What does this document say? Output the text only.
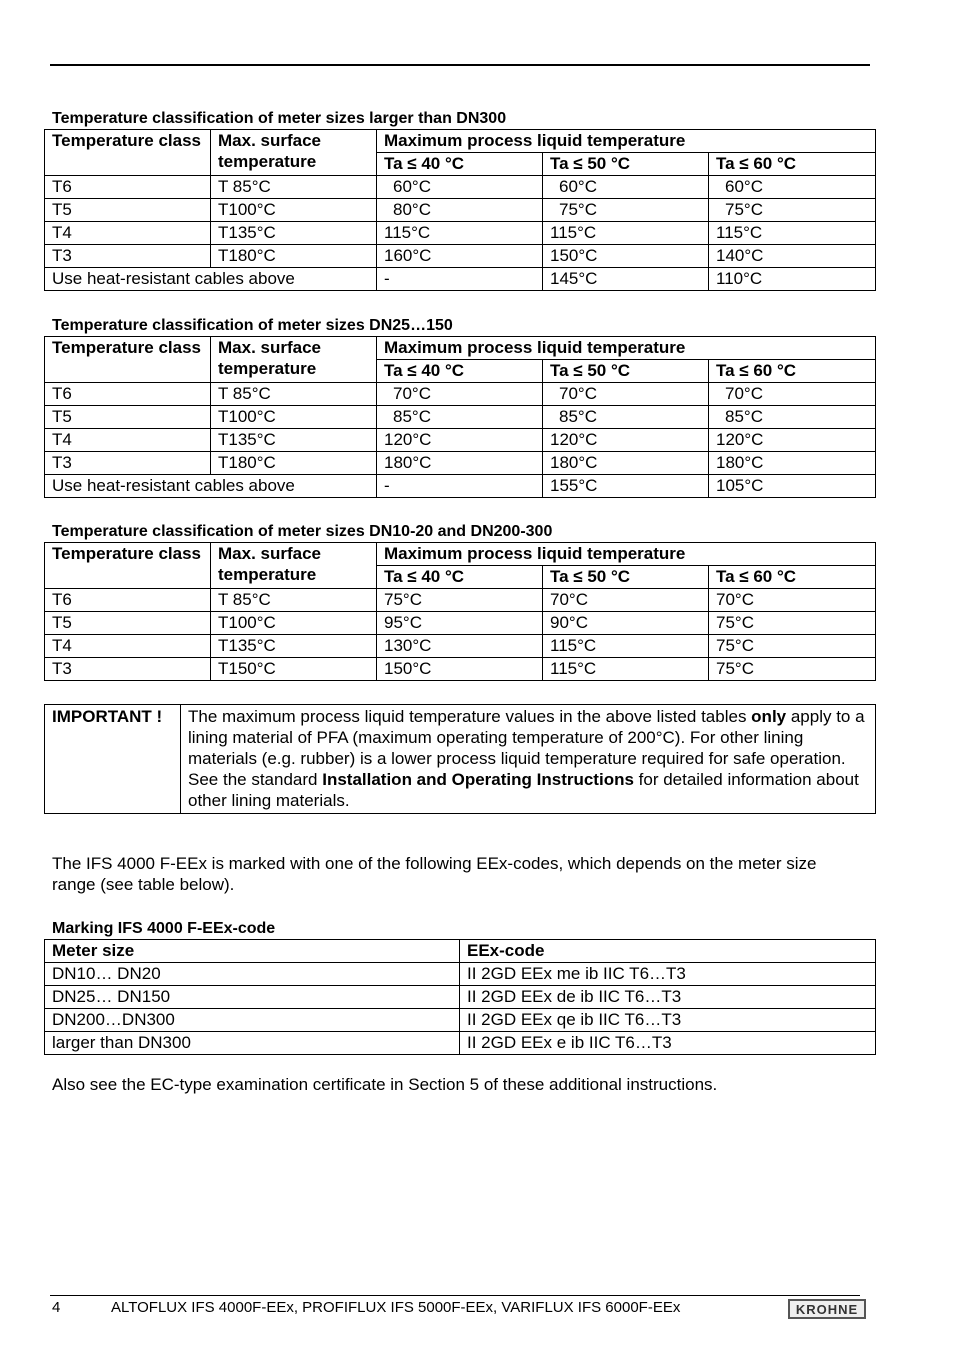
Temperature classification of meter sizes larger than DN300
Temperature class	Max. surface temperature	Maximum process liquid temperature		
		Ta ≤ 40 °C	Ta ≤ 50 °C	Ta ≤ 60 °C
T6	T 85°C	60°C	60°C	60°C
T5	T100°C	80°C	75°C	75°C
T4	T135°C	115°C	115°C	115°C
T3	T180°C	160°C	150°C	140°C
Use heat-resistant cables above		-	145°C	110°C
Temperature classification of meter sizes DN25…150
Temperature class	Max. surface temperature	Maximum process liquid temperature		
		Ta ≤ 40 °C	Ta ≤ 50 °C	Ta ≤ 60 °C
T6	T 85°C	70°C	70°C	70°C
T5	T100°C	85°C	85°C	85°C
T4	T135°C	120°C	120°C	120°C
T3	T180°C	180°C	180°C	180°C
Use heat-resistant cables above		-	155°C	105°C
Temperature classification of meter sizes DN10-20 and DN200-300
Temperature class	Max. surface temperature	Maximum process liquid temperature		
		Ta ≤ 40 °C	Ta ≤ 50 °C	Ta ≤ 60 °C
T6	T 85°C	75°C	70°C	70°C
T5	T100°C	95°C	90°C	75°C
T4	T135°C	130°C	115°C	75°C
T3	T150°C	150°C	115°C	75°C
IMPORTANT !	The maximum process liquid temperature values in the above listed tables only apply to a lining material of PFA (maximum operating temperature of 200°C). For other lining materials (e.g. rubber) is a lower process liquid temperature required for safe operation. See the standard Installation and Operating Instructions for detailed information about other lining materials.
The IFS 4000 F-EEx is marked with one of the following EEx-codes, which depends on the meter size range (see table below).
Marking IFS 4000 F-EEx-code
Meter size	EEx-code
DN10… DN20	II 2GD EEx me ib IIC T6…T3
DN25… DN150	II 2GD EEx de ib IIC T6…T3
DN200…DN300	II 2GD EEx qe ib IIC T6…T3
larger than DN300	II 2GD EEx e ib IIC T6…T3
Also see the EC-type examination certificate in Section 5 of these additional instructions.
4	ALTOFLUX IFS 4000F-EEx, PROFIFLUX IFS 5000F-EEx, VARIFLUX IFS 6000F-EEx	KROHNE
